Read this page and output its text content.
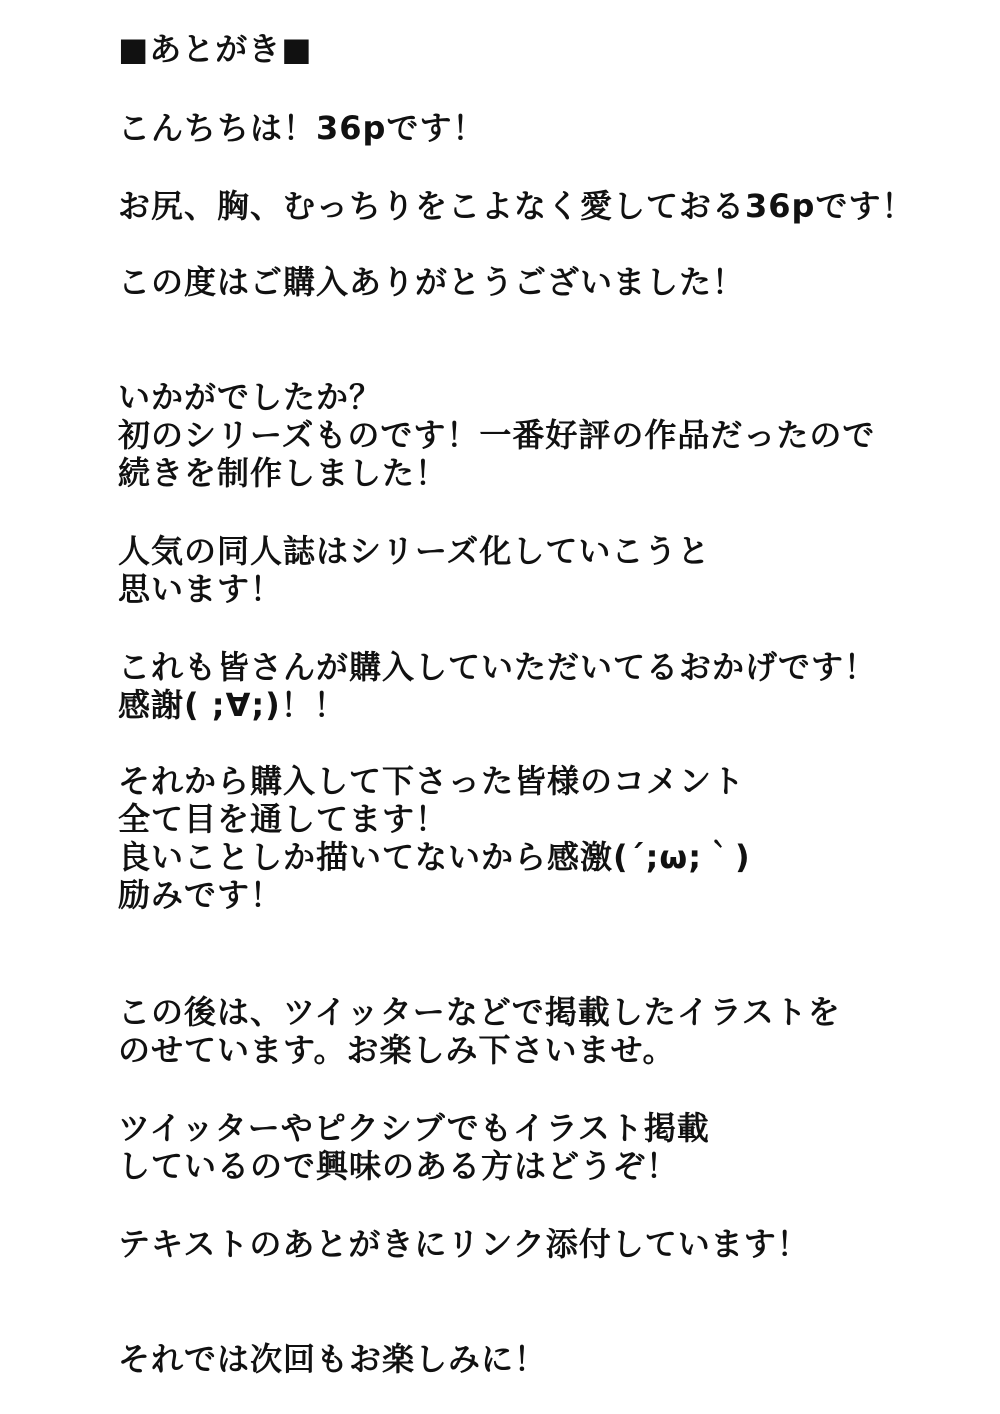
■あとがき■
こんちちは！36pです！
お尻、胸、むっちりをこよなく愛しておる36pです！
この度はご購入ありがとうございました！
いかがでしたか？
初のシリーズものです！一番好評の作品だったので
続きを制作しました！
人気の同人誌はシリーズ化していこうと
思います！
これも皆さんが購入していただいてるおかげです！
感謝( ;∀;)！！
それから購入して下さった皆様のコメント
全て目を通してます！
良いことしか描いてないから感激(´;ω;｀)
励みです！
この後は、ツイッターなどで掲載したイラストを
のせています。お楽しみ下さいませ。
ツイッターやピクシブでもイラスト掲載
しているので興味のある方はどうぞ！
テキストのあとがきにリンク添付しています！
それでは次回もお楽しみに！
